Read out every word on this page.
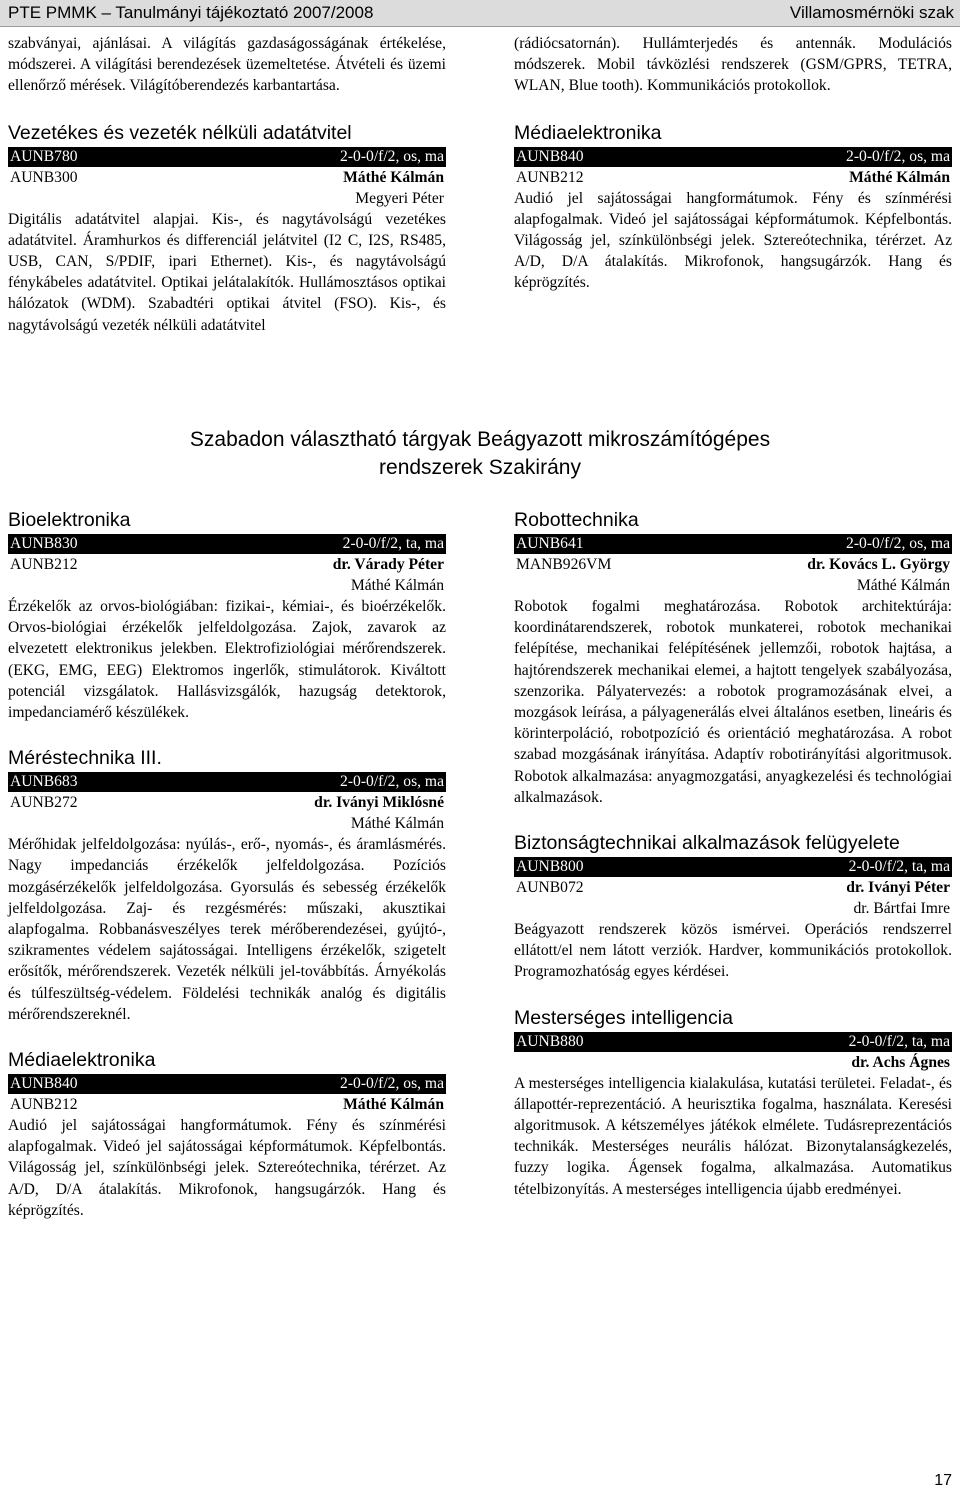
PTE PMMK – Tanulmányi tájékoztató 2007/2008	Villamosmérnöki szak
szabványai, ajánlásai. A világítás gazdaságosságának értékelése, módszerei. A világítási berendezések üzemeltetése. Átvételi és üzemi ellenőrző mérések. Világítóberendezés karbantartása.
Vezetékes és vezeték nélküli adatátvitel
AUNB780	2-0-0/f/2, os, ma
AUNB300	Máthé Kálmán
Megyeri Péter
Digitális adatátvitel alapjai. Kis-, és nagytávolságú vezetékes adatátvitel. Áramhurkos és differenciál jelátvitel (I2 C, I2S, RS485, USB, CAN, S/PDIF, ipari Ethernet). Kis-, és nagytávolságú fénykábeles adatátvitel. Optikai jelátalakítók. Hullámosztásos optikai hálózatok (WDM). Szabadtéri optikai átvitel (FSO). Kis-, és nagytávolságú vezeték nélküli adatátvitel
(rádiócsatornán). Hullámterjedés és antennák. Modulációs módszerek. Mobil távközlési rendszerek (GSM/GPRS, TETRA, WLAN, Blue tooth). Kommunikációs protokollok.
Médiaelektronika
AUNB840	2-0-0/f/2, os, ma
AUNB212	Máthé Kálmán
Audió jel sajátosságai hangformátumok. Fény és színmérési alapfogalmak. Videó jel sajátosságai képformátumok. Képfelbontás. Világosság jel, színkülönbségi jelek. Sztereótechnika, térérzet. Az A/D, D/A átalakítás. Mikrofonok, hangsugárzók. Hang és képrögzítés.
Szabadon választható tárgyak Beágyazott mikroszámítógépes
rendszerek Szakirány
Bioelektronika
AUNB830	2-0-0/f/2, ta, ma
AUNB212	dr. Várady Péter
Máthé Kálmán
Érzékelők az orvos-biológiában: fizikai-, kémiai-, és bioérzékelők. Orvos-biológiai érzékelők jelfeldolgozása. Zajok, zavarok az elvezetett elektronikus jelekben. Elektrofiziológiai mérőrendszerek. (EKG, EMG, EEG) Elektromos ingerlők, stimulátorok. Kiváltott potenciál vizsgálatok. Hallásvizsgálók, hazugság detektorok, impedanciamérő készülékek.
Méréstechnika III.
AUNB683	2-0-0/f/2, os, ma
AUNB272	dr. Iványi Miklósné
Máthé Kálmán
Mérőhidak jelfeldolgozása: nyúlás-, erő-, nyomás-, és áramlásmérés. Nagy impedanciás érzékelők jelfeldolgozása. Pozíciós mozgásérzékelők jelfeldolgozása. Gyorsulás és sebesség érzékelők jelfeldolgozása. Zaj- és rezgésmérés: műszaki, akusztikai alapfogalma. Robbanásveszélyes terek mérőberendezései, gyújtó-, szikramentes védelem sajátosságai. Intelligens érzékelők, szigetelt erősítők, mérőrendszerek. Vezeték nélküli jel-továbbítás. Árnyékolás és túlfeszültség-védelem. Földelési technikák analóg és digitális mérőrendszereknél.
Médiaelektronika
AUNB840	2-0-0/f/2, os, ma
AUNB212	Máthé Kálmán
Audió jel sajátosságai hangformátumok. Fény és színmérési alapfogalmak. Videó jel sajátosságai képformátumok. Képfelbontás. Világosság jel, színkülönbségi jelek. Sztereótechnika, térérzet. Az A/D, D/A átalakítás. Mikrofonok, hangsugárzók. Hang és képrögzítés.
Robottechnika
AUNB641	2-0-0/f/2, os, ma
MANB926VM	dr. Kovács L. György
Máthé Kálmán
Robotok fogalmi meghatározása. Robotok architektúrája: koordinátarendszerek, robotok munkaterei, robotok mechanikai felépítése, mechanikai felépítésének jellemzői, robotok hajtása, a hajtórendszerek mechanikai elemei, a hajtott tengelyek szabályozása, szenzorika. Pályatervezés: a robotok programozásának elvei, a mozgások leírása, a pályagenerálás elvei általános esetben, lineáris és körinterpoláció, robotpozíció és orientáció meghatározása. A robot szabad mozgásának irányítása. Adaptív robotirányítási algoritmusok. Robotok alkalmazása: anyagmozgatási, anyagkezelési és technológiai alkalmazások.
Biztonságtechnikai alkalmazások felügyelete
AUNB800	2-0-0/f/2, ta, ma
AUNB072	dr. Iványi Péter
dr. Bártfai Imre
Beágyazott rendszerek közös ismérvei. Operációs rendszerrel ellátott/el nem látott verziók. Hardver, kommunikációs protokollok. Programozhatóság egyes kérdései.
Mesterséges intelligencia
AUNB880	2-0-0/f/2, ta, ma
dr. Achs Ágnes
A mesterséges intelligencia kialakulása, kutatási területei. Feladat-, és állapottér-reprezentáció. A heurisztika fogalma, használata. Keresési algoritmusok. A kétszemélyes játékok elmélete. Tudásreprezentációs technikák. Mesterséges neurális hálózat. Bizonytalanságkezelés, fuzzy logika. Ágensek fogalma, alkalmazása. Automatikus tételbizonyítás. A mesterséges intelligencia újabb eredményei.
17
